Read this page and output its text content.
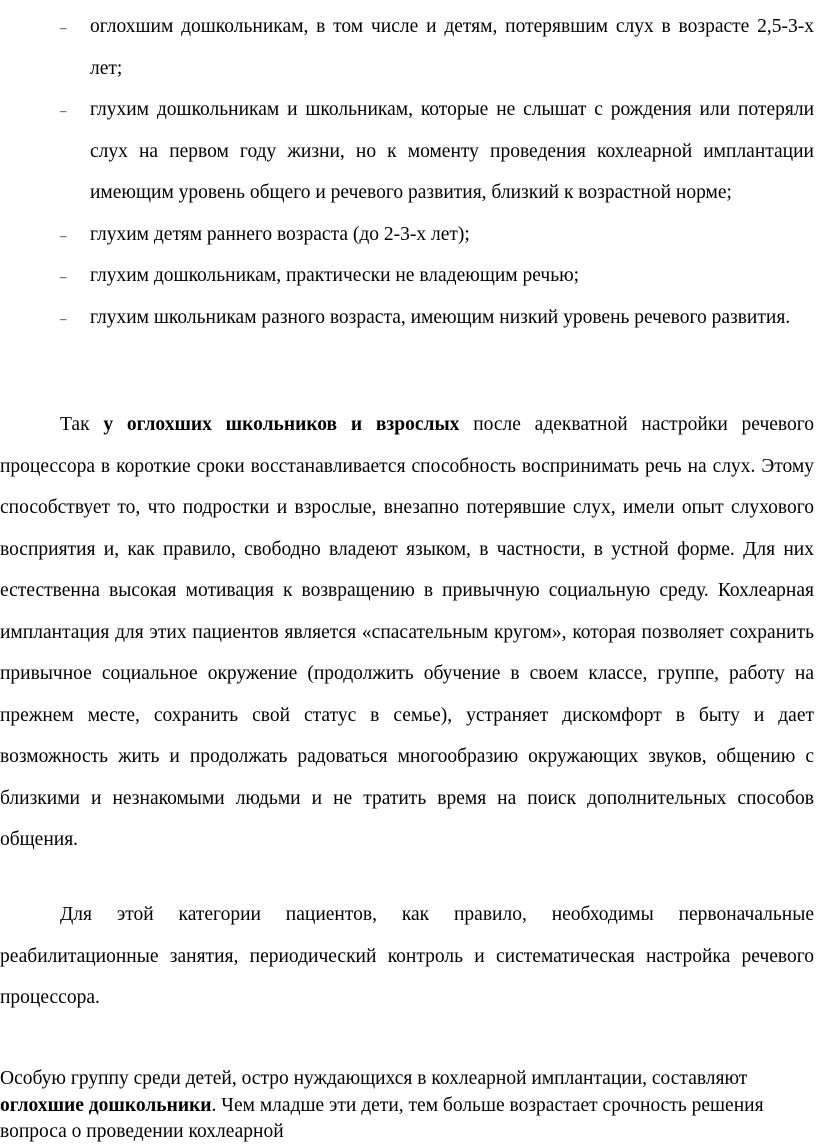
– оглохшим дошкольникам, в том числе и детям, потерявшим слух в возрасте 2,5-3-х лет;
– глухим дошкольникам и школьникам, которые не слышат с рождения или потеряли слух на первом году жизни, но к моменту проведения кохлеарной имплантации имеющим уровень общего и речевого развития, близкий к возрастной норме;
– глухим детям раннего возраста (до 2-3-х лет);
– глухим дошкольникам, практически не владеющим речью;
– глухим школьникам разного возраста, имеющим низкий уровень речевого развития.

Так у оглохших школьников и взрослых после адекватной настройки речевого процессора в короткие сроки восстанавливается способность воспринимать речь на слух. Этому способствует то, что подростки и взрослые, внезапно потерявшие слух, имели опыт слухового восприятия и, как правило, свободно владеют языком, в частности, в устной форме. Для них естественна высокая мотивация к возвращению в привычную социальную среду. Кохлеарная имплантация для этих пациентов является «спасательным кругом», которая позволяет сохранить привычное социальное окружение (продолжить обучение в своем классе, группе, работу на прежнем месте, сохранить свой статус в семье), устраняет дискомфорт в быту и дает возможность жить и продолжать радоваться многообразию окружающих звуков, общению с близкими и незнакомыми людьми и не тратить время на поиск дополнительных способов общения.

Для этой категории пациентов, как правило, необходимы первоначальные реабилитационные занятия, периодический контроль и систематическая настройка речевого процессора.

Особую группу среди детей, остро нуждающихся в кохлеарной имплантации, составляют оглохшие дошкольники. Чем младше эти дети, тем больше возрастает срочность решения вопроса о проведении кохлеарной
